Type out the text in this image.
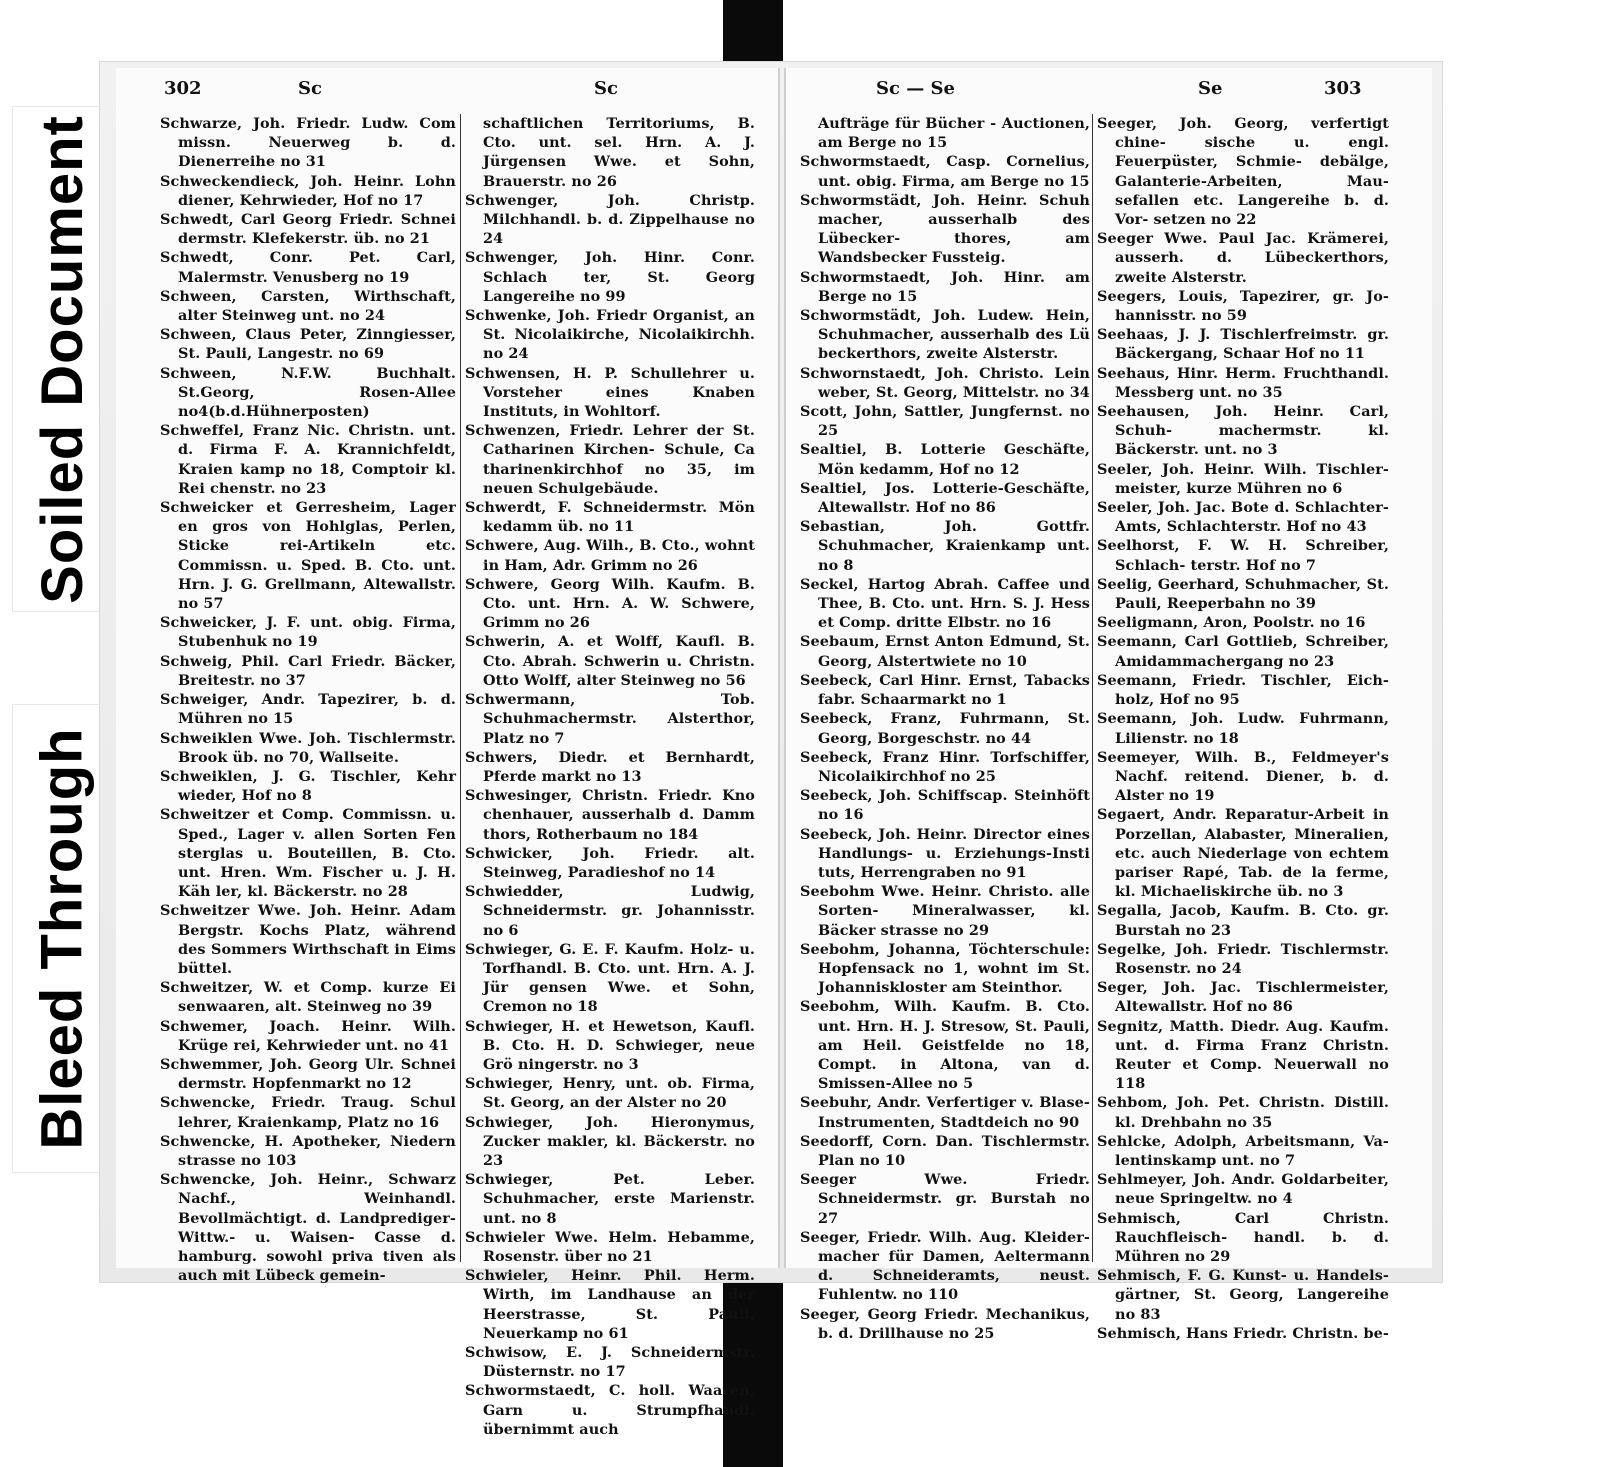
Soiled Document
Bleed Through
302	Sc	Sc

Schwarze, Joh. Friedr. Ludw. Com missn. Neuerweg b. d. Dienerreihe no 31

Schweckendieck, Joh. Heinr. Lohn diener, Kehrwieder, Hof no 17

Schwedt, Carl Georg Friedr. Schnei dermstr. Klefekerstr. üb. no 21

Schwedt, Conr. Pet. Carl, Malermstr. Venusberg no 19

Schween, Carsten, Wirthschaft, alter Steinweg unt. no 24

Schween, Claus Peter, Zinngiesser, St. Pauli, Langestr. no 69

Schween, N.F.W. Buchhalt. St.Georg, Rosen-Allee no4(b.d.Hühnerposten)

Schweffel, Franz Nic. Christn. unt. d. Firma F. A. Krannichfeldt, Kraien kamp no 18, Comptoir kl. Rei chenstr. no 23

Schweicker et Gerresheim, Lager en gros von Hohlglas, Perlen, Sticke rei-Artikeln etc. Commissn. u. Sped. B. Cto. unt. Hrn. J. G. Grellmann, Altewallstr. no 57

Schweicker, J. F. unt. obig. Firma, Stubenhuk no 19

Schweig, Phil. Carl Friedr. Bäcker, Breitestr. no 37

Schweiger, Andr. Tapezirer, b. d. Mühren no 15

Schweiklen Wwe. Joh. Tischlermstr. Brook üb. no 70, Wallseite.

Schweiklen, J. G. Tischler, Kehr wieder, Hof no 8

Schweitzer et Comp. Commissn. u. Sped., Lager v. allen Sorten Fen sterglas u. Bouteillen, B. Cto. unt. Hren. Wm. Fischer u. J. H. Käh ler, kl. Bäckerstr. no 28

Schweitzer Wwe. Joh. Heinr. Adam Bergstr. Kochs Platz, während des Sommers Wirthschaft in Eims büttel.

Schweitzer, W. et Comp. kurze Ei senwaaren, alt. Steinweg no 39

Schwemer, Joach. Heinr. Wilh. Krüge rei, Kehrwieder unt. no 41

Schwemmer, Joh. Georg Ulr. Schnei dermstr. Hopfenmarkt no 12

Schwencke, Friedr. Traug. Schul lehrer, Kraienkamp, Platz no 16

Schwencke, H. Apotheker, Niedern strasse no 103

Schwencke, Joh. Heinr., Schwarz Nachf., Weinhandl. Bevollmächtigt. d. Landprediger- Wittw.- u. Waisen- Casse d. hamburg. sowohl priva tiven als auch mit Lübeck gemein-

schaftlichen Territoriums, B. Cto. unt. sel. Hrn. A. J. Jürgensen Wwe. et Sohn, Brauerstr. no 26

Schwenger, Joh. Christp. Milchhandl. b. d. Zippelhause no 24

Schwenger, Joh. Hinr. Conr. Schlach ter, St. Georg Langereihe no 99

Schwenke, Joh. Friedr Organist, an St. Nicolaikirche, Nicolaikirchh. no 24

Schwensen, H. P. Schullehrer u. Vorsteher eines Knaben Instituts, in Wohltorf.

Schwenzen, Friedr. Lehrer der St. Catharinen Kirchen- Schule, Ca tharinenkirchhof no 35, im neuen Schulgebäude.

Schwerdt, F. Schneidermstr. Mön kedamm üb. no 11

Schwere, Aug. Wilh., B. Cto., wohnt in Ham, Adr. Grimm no 26

Schwere, Georg Wilh. Kaufm. B. Cto. unt. Hrn. A. W. Schwere, Grimm no 26

Schwerin, A. et Wolff, Kaufl. B. Cto. Abrah. Schwerin u. Christn. Otto Wolff, alter Steinweg no 56

Schwermann, Tob. Schuhmachermstr. Alsterthor, Platz no 7

Schwers, Diedr. et Bernhardt, Pferde markt no 13

Schwesinger, Christn. Friedr. Kno chenhauer, ausserhalb d. Damm thors, Rotherbaum no 184

Schwicker, Joh. Friedr. alt. Steinweg, Paradieshof no 14

Schwiedder, Ludwig, Schneidermstr. gr. Johannisstr. no 6

Schwieger, G. E. F. Kaufm. Holz- u. Torfhandl. B. Cto. unt. Hrn. A. J. Jür gensen Wwe. et Sohn, Cremon no 18

Schwieger, H. et Hewetson, Kaufl. B. Cto. H. D. Schwieger, neue Grö ningerstr. no 3

Schwieger, Henry, unt. ob. Firma, St. Georg, an der Alster no 20

Schwieger, Joh. Hieronymus, Zucker makler, kl. Bäckerstr. no 23

Schwieger, Pet. Leber. Schuhmacher, erste Marienstr. unt. no 8

Schwieler Wwe. Helm. Hebamme, Rosenstr. über no 21

Schwieler, Heinr. Phil. Herm. Wirth, im Landhause an der Heerstrasse, St. Pauli, Neuerkamp no 61

Schwisow, E. J. Schneidermstr. Düsternstr. no 17

Schwormstaedt, C. holl. Waaren, Garn u. Strumpfhandl. übernimmt auch

Sc — Se	Se	303

Aufträge für Bücher - Auctionen, am Berge no 15

Schwormstaedt, Casp. Cornelius, unt. obig. Firma, am Berge no 15

Schwormstädt, Joh. Heinr. Schuh macher, ausserhalb des Lübecker- thores, am Wandsbecker Fussteig.

Schwormstaedt, Joh. Hinr. am Berge no 15

Schwormstädt, Joh. Ludew. Hein, Schuhmacher, ausserhalb des Lü beckerthors, zweite Alsterstr.

Schwornstaedt, Joh. Christo. Lein weber, St. Georg, Mittelstr. no 34

Scott, John, Sattler, Jungfernst. no 25

Sealtiel, B. Lotterie Geschäfte, Mön kedamm, Hof no 12

Sealtiel, Jos. Lotterie-Geschäfte, Altewallstr. Hof no 86

Sebastian, Joh. Gottfr. Schuhmacher, Kraienkamp unt. no 8

Seckel, Hartog Abrah. Caffee und Thee, B. Cto. unt. Hrn. S. J. Hess et Comp. dritte Elbstr. no 16

Seebaum, Ernst Anton Edmund, St. Georg, Alstertwiete no 10

Seebeck, Carl Hinr. Ernst, Tabacks fabr. Schaarmarkt no 1

Seebeck, Franz, Fuhrmann, St. Georg, Borgeschstr. no 44

Seebeck, Franz Hinr. Torfschiffer, Nicolaikirchhof no 25

Seebeck, Joh. Schiffscap. Steinhöft no 16

Seebeck, Joh. Heinr. Director eines Handlungs- u. Erziehungs-Insti tuts, Herrengraben no 91

Seebohm Wwe. Heinr. Christo. alle Sorten- Mineralwasser, kl. Bäcker strasse no 29

Seebohm, Johanna, Töchterschule: Hopfensack no 1, wohnt im St. Johanniskloster am Steinthor.

Seebohm, Wilh. Kaufm. B. Cto. unt. Hrn. H. J. Stresow, St. Pauli, am Heil. Geistfelde no 18, Compt. in Altona, van d. Smissen-Allee no 5

Seebuhr, Andr. Verfertiger v. Blase- Instrumenten, Stadtdeich no 90

Seedorff, Corn. Dan. Tischlermstr. Plan no 10

Seeger Wwe. Friedr. Schneidermstr. gr. Burstah no 27

Seeger, Friedr. Wilh. Aug. Kleider- macher für Damen, Aeltermann d. Schneideramts, neust. Fuhlentw. no 110

Seeger, Georg Friedr. Mechanikus, b. d. Drillhause no 25

Seeger, Joh. Georg, verfertigt chine- sische u. engl. Feuerpüster, Schmie- debälge, Galanterie-Arbeiten, Mau- sefallen etc. Langereihe b. d. Vor- setzen no 22

Seeger Wwe. Paul Jac. Krämerei, ausserh. d. Lübeckerthors, zweite Alsterstr.

Seegers, Louis, Tapezirer, gr. Jo- hannisstr. no 59

Seehaas, J. J. Tischlerfreimstr. gr. Bäckergang, Schaar Hof no 11

Seehaus, Hinr. Herm. Fruchthandl. Messberg unt. no 35

Seehausen, Joh. Heinr. Carl, Schuh- machermstr. kl. Bäckerstr. unt. no 3

Seeler, Joh. Heinr. Wilh. Tischler- meister, kurze Mühren no 6

Seeler, Joh. Jac. Bote d. Schlachter- Amts, Schlachterstr. Hof no 43

Seelhorst, F. W. H. Schreiber, Schlach- terstr. Hof no 7

Seelig, Geerhard, Schuhmacher, St. Pauli, Reeperbahn no 39

Seeligmann, Aron, Poolstr. no 16

Seemann, Carl Gottlieb, Schreiber, Amidammachergang no 23

Seemann, Friedr. Tischler, Eich- holz, Hof no 95

Seemann, Joh. Ludw. Fuhrmann, Lilienstr. no 18

Seemeyer, Wilh. B., Feldmeyer's Nachf. reitend. Diener, b. d. Alster no 19

Segaert, Andr. Reparatur-Arbeit in Porzellan, Alabaster, Mineralien, etc. auch Niederlage von echtem pariser Rapé, Tab. de la ferme, kl. Michaeliskirche üb. no 3

Segalla, Jacob, Kaufm. B. Cto. gr. Burstah no 23

Segelke, Joh. Friedr. Tischlermstr. Rosenstr. no 24

Seger, Joh. Jac. Tischlermeister, Altewallstr. Hof no 86

Segnitz, Matth. Diedr. Aug. Kaufm. unt. d. Firma Franz Christn. Reuter et Comp. Neuerwall no 118

Sehbom, Joh. Pet. Christn. Distill. kl. Drehbahn no 35

Sehlcke, Adolph, Arbeitsmann, Va- lentinskamp unt. no 7

Sehlmeyer, Joh. Andr. Goldarbeiter, neue Springeltw. no 4

Sehmisch, Carl Christn. Rauchfleisch- handl. b. d. Mühren no 29

Sehmisch, F. G. Kunst- u. Handels- gärtner, St. Georg, Langereihe no 83

Sehmisch, Hans Friedr. Christn. be-
